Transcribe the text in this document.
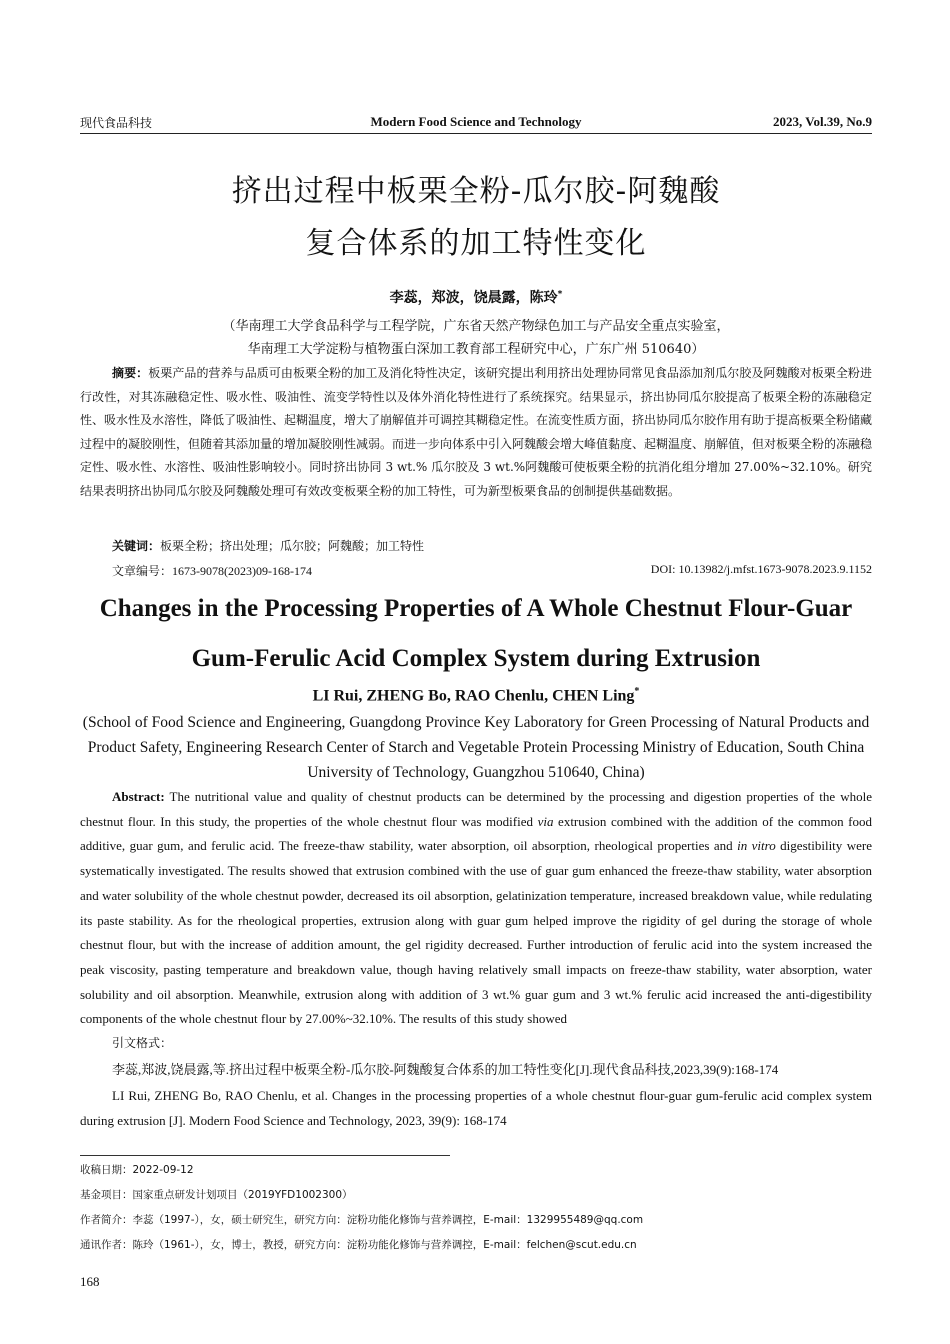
现代食品科技	Modern Food Science and Technology	2023, Vol.39, No.9
挤出过程中板栗全粉-瓜尔胶-阿魏酸
复合体系的加工特性变化
李蕊，郑波，饶晨露，陈玲*
（华南理工大学食品科学与工程学院，广东省天然产物绿色加工与产品安全重点实验室，
华南理工大学淀粉与植物蛋白深加工教育部工程研究中心，广东广州 510640）
摘要：板栗产品的营养与品质可由板栗全粉的加工及消化特性决定，该研究提出利用挤出处理协同常见食品添加剂瓜尔胶及阿魏酸对板栗全粉进行改性，对其冻融稳定性、吸水性、吸油性、流变学特性以及体外消化特性进行了系统探究。结果显示，挤出协同瓜尔胶提高了板栗全粉的冻融稳定性、吸水性及水溶性，降低了吸油性、起糊温度，增大了崩解值并可调控其糊稳定性。在流变性质方面，挤出协同瓜尔胶作用有助于提高板栗全粉储藏过程中的凝胶刚性，但随着其添加量的增加凝胶刚性减弱。而进一步向体系中引入阿魏酸会增大峰值黏度、起糊温度、崩解值，但对板栗全粉的冻融稳定性、吸水性、水溶性、吸油性影响较小。同时挤出协同 3 wt.% 瓜尔胶及 3 wt.%阿魏酸可使板栗全粉的抗消化组分增加 27.00%~32.10%。研究结果表明挤出协同瓜尔胶及阿魏酸处理可有效改变板栗全粉的加工特性，可为新型板栗食品的创制提供基础数据。
关键词：板栗全粉；挤出处理；瓜尔胶；阿魏酸；加工特性
文章编号：1673-9078(2023)09-168-174	DOI: 10.13982/j.mfst.1673-9078.2023.9.1152
Changes in the Processing Properties of A Whole Chestnut Flour-Guar
Gum-Ferulic Acid Complex System during Extrusion
LI Rui, ZHENG Bo, RAO Chenlu, CHEN Ling*
(School of Food Science and Engineering, Guangdong Province Key Laboratory for Green Processing of Natural Products and Product Safety, Engineering Research Center of Starch and Vegetable Protein Processing Ministry of Education, South China University of Technology, Guangzhou 510640, China)
Abstract: The nutritional value and quality of chestnut products can be determined by the processing and digestion properties of the whole chestnut flour. In this study, the properties of the whole chestnut flour was modified via extrusion combined with the addition of the common food additive, guar gum, and ferulic acid. The freeze-thaw stability, water absorption, oil absorption, rheological properties and in vitro digestibility were systematically investigated. The results showed that extrusion combined with the use of guar gum enhanced the freeze-thaw stability, water absorption and water solubility of the whole chestnut powder, decreased its oil absorption, gelatinization temperature, increased breakdown value, while redulating its paste stability. As for the rheological properties, extrusion along with guar gum helped improve the rigidity of gel during the storage of whole chestnut flour, but with the increase of addition amount, the gel rigidity decreased. Further introduction of ferulic acid into the system increased the peak viscosity, pasting temperature and breakdown value, though having relatively small impacts on freeze-thaw stability, water absorption, water solubility and oil absorption. Meanwhile, extrusion along with addition of 3 wt.% guar gum and 3 wt.% ferulic acid increased the anti-digestibility components of the whole chestnut flour by 27.00%~32.10%. The results of this study showed
引文格式：
李蕊,郑波,饶晨露,等.挤出过程中板栗全粉-瓜尔胶-阿魏酸复合体系的加工特性变化[J].现代食品科技,2023,39(9):168-174
LI Rui, ZHENG Bo, RAO Chenlu, et al. Changes in the processing properties of a whole chestnut flour-guar gum-ferulic acid complex system during extrusion [J]. Modern Food Science and Technology, 2023, 39(9): 168-174
收稿日期：2022-09-12
基金项目：国家重点研发计划项目（2019YFD1002300）
作者简介：李蕊（1997-），女，硕士研究生，研究方向：淀粉功能化修饰与营养调控，E-mail：1329955489@qq.com
通讯作者：陈玲（1961-），女，博士，教授，研究方向：淀粉功能化修饰与营养调控，E-mail：felchen@scut.edu.cn
168
